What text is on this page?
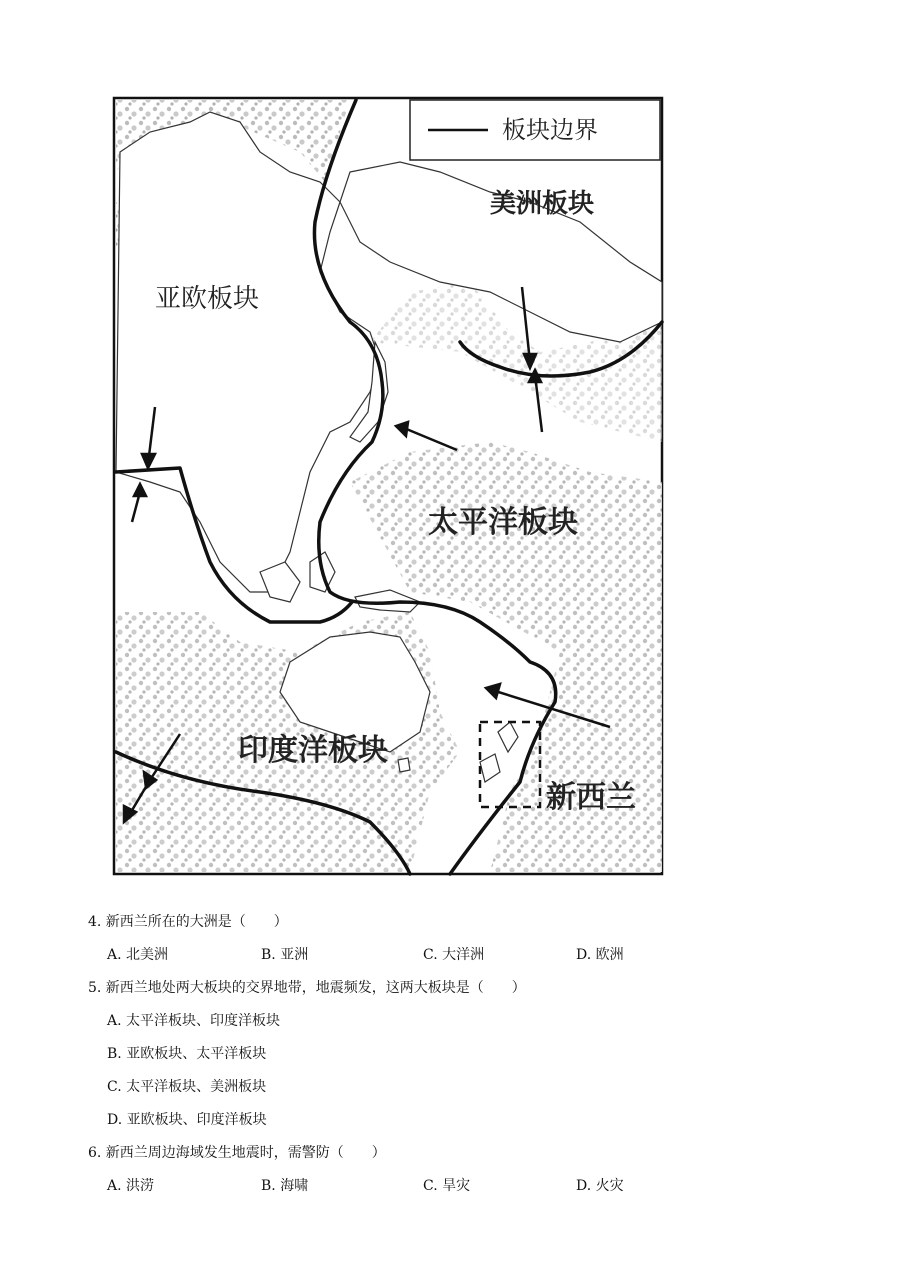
板块边界
美洲板块
亚欧板块
太平洋板块
印度洋板块
新西兰
4. 新西兰所在的大洲是（　　）
A. 北美洲	B. 亚洲	C. 大洋洲	D. 欧洲
5. 新西兰地处两大板块的交界地带，地震频发，这两大板块是（　　）
A. 太平洋板块、印度洋板块
B. 亚欧板块、太平洋板块
C. 太平洋板块、美洲板块
D. 亚欧板块、印度洋板块
6. 新西兰周边海域发生地震时，需警防（　　）
A. 洪涝	B. 海啸	C. 旱灾	D. 火灾
